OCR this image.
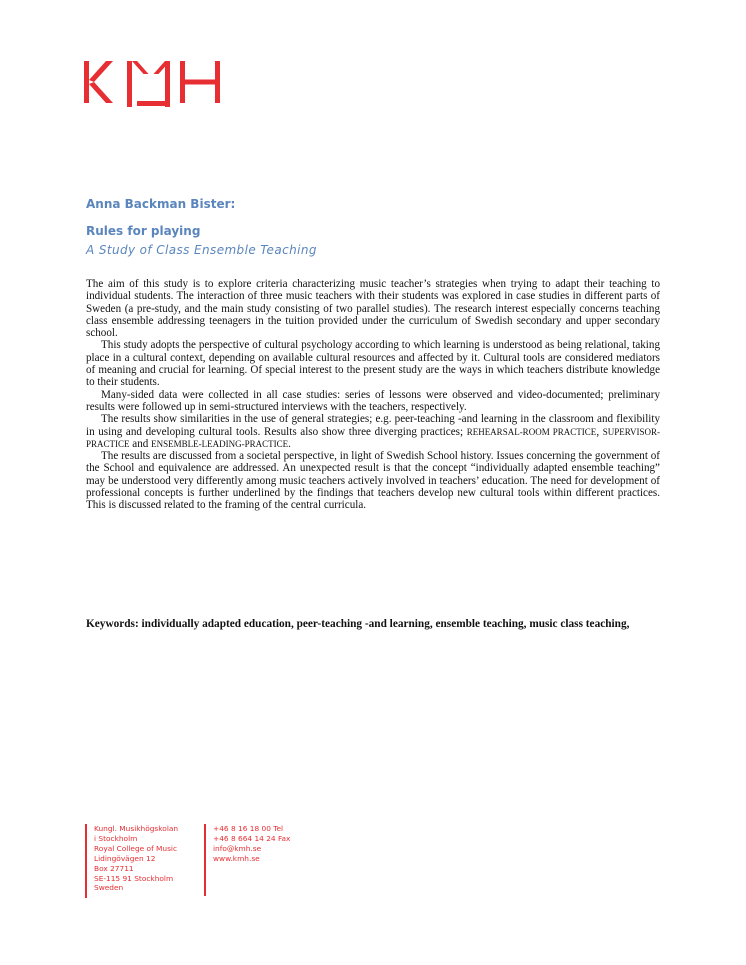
Anna Backman Bister:
Rules for playing
A Study of Class Ensemble Teaching

The aim of this study is to explore criteria characterizing music teacher’s strategies when trying to adapt their teaching to individual students. The interaction of three music teachers with their students was explored in case studies in different parts of Sweden (a pre-study, and the main study consisting of two parallel studies). The research interest especially concerns teaching class ensemble addressing teenagers in the tuition provided under the curriculum of Swedish secondary and upper secondary school.

This study adopts the perspective of cultural psychology according to which learning is understood as being relational, taking place in a cultural context, depending on available cultural resources and affected by it. Cultural tools are considered mediators of meaning and crucial for learning. Of special interest to the present study are the ways in which teachers distribute knowledge to their students.

Many-sided data were collected in all case studies: series of lessons were observed and video-documented; preliminary results were followed up in semi-structured interviews with the teachers, respectively.

The results show similarities in the use of general strategies; e.g. peer-teaching -and learning in the classroom and flexibility in using and developing cultural tools. Results also show three diverging practices; REHEARSAL-ROOM PRACTICE, SUPERVISOR-PRACTICE and ENSEMBLE-LEADING-PRACTICE.

The results are discussed from a societal perspective, in light of Swedish School history. Issues concerning the government of the School and equivalence are addressed. An unexpected result is that the concept “individually adapted ensemble teaching” may be understood very differently among music teachers actively involved in teachers’ education. The need for development of professional concepts is further underlined by the findings that teachers develop new cultural tools within different practices. This is discussed related to the framing of the central curricula.

Keywords: individually adapted education, peer-teaching -and learning, ensemble teaching, music class teaching,
Kungl. Musikhögskolan
i Stockholm
Royal College of Music
Lidingövägen 12
Box 27711
SE-115 91 Stockholm
Sweden
+46 8 16 18 00 Tel
+46 8 664 14 24 Fax
info@kmh.se
www.kmh.se
